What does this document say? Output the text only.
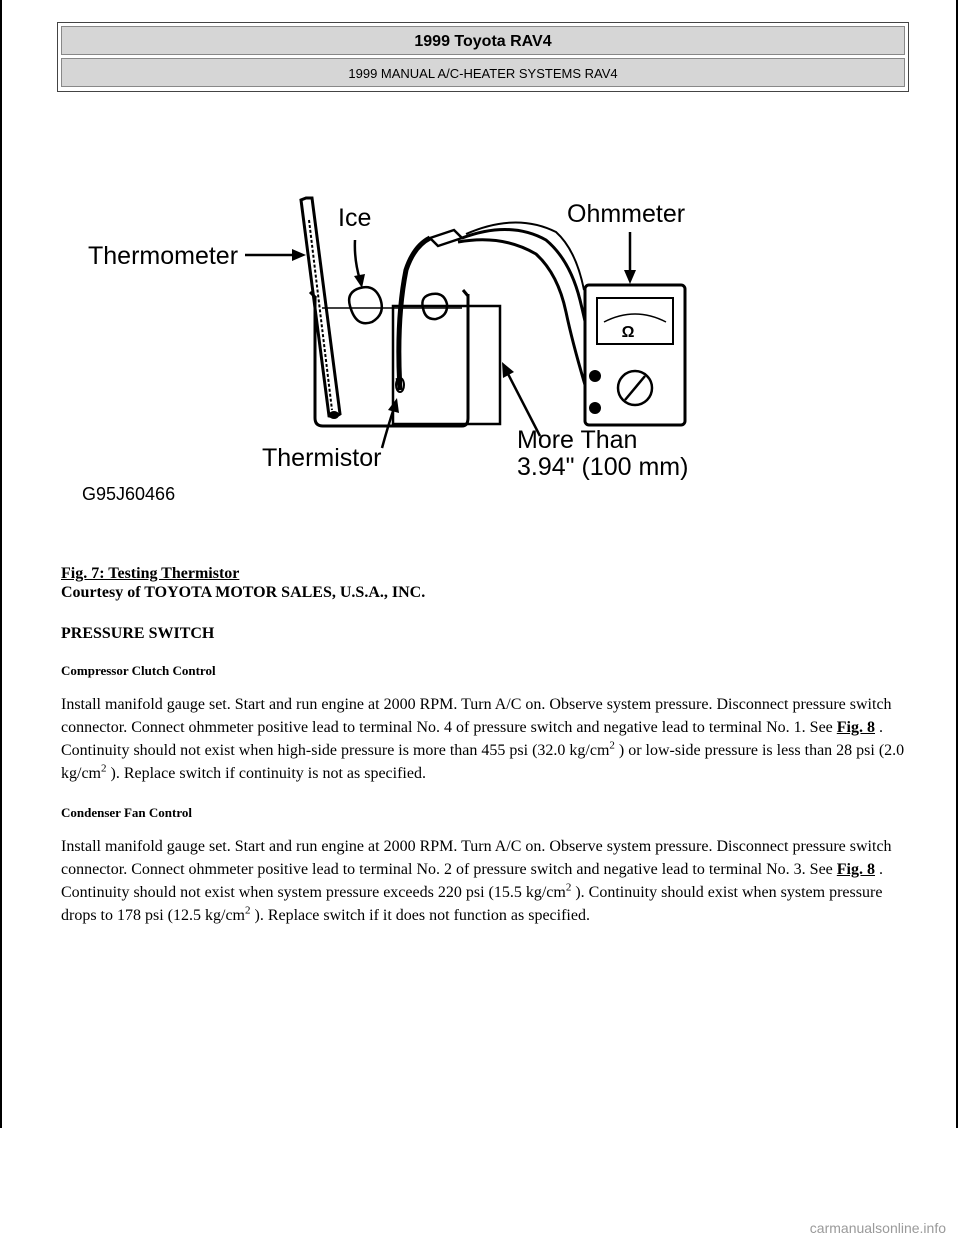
1999 Toyota RAV4
1999 MANUAL A/C-HEATER SYSTEMS RAV4
Ω
Thermometer
Ice	Ohmmeter
Thermistor
More Than
3.94" (100 mm)
G95J60466
Fig. 7: Testing Thermistor
Courtesy of TOYOTA MOTOR SALES, U.S.A., INC.
PRESSURE SWITCH
Compressor Clutch Control

Install manifold gauge set. Start and run engine at 2000 RPM. Turn A/C on. Observe system pressure. Disconnect pressure switch connector. Connect ohmmeter positive lead to terminal No. 4 of pressure switch and negative lead to terminal No. 1. See Fig. 8 . Continuity should not exist when high-side pressure is more than 455 psi (32.0 $kg/cm^2$ ) or low-side pressure is less than 28 psi (2.0 $kg/cm^2$ ). Replace switch if continuity is not as specified.

Condenser Fan Control

Install manifold gauge set. Start and run engine at 2000 RPM. Turn A/C on. Observe system pressure. Disconnect pressure switch connector. Connect ohmmeter positive lead to terminal No. 2 of pressure switch and negative lead to terminal No. 3. See Fig. 8 . Continuity should not exist when system pressure exceeds 220 psi (15.5 $kg/cm^2$ ). Continuity should exist when system pressure drops to 178 psi (12.5 $kg/cm^2$ ). Replace switch if it does not function as specified.

carmanualsonline.info
